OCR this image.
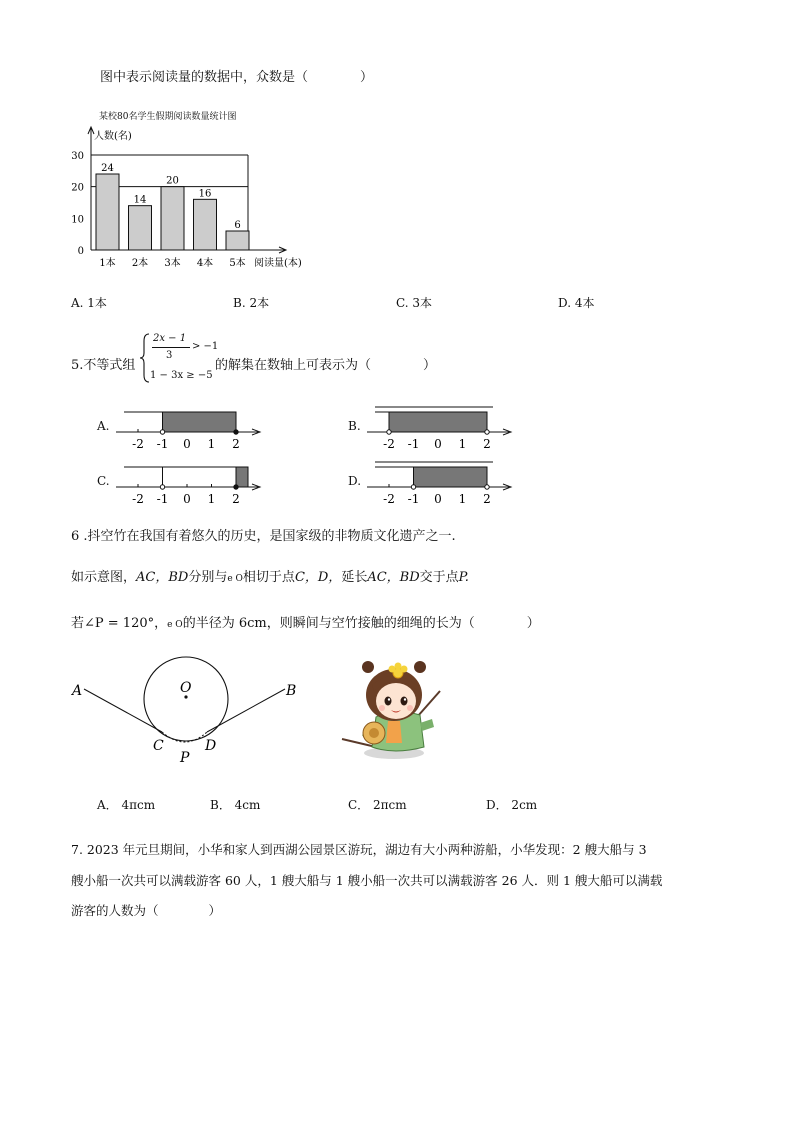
图中表示阅读量的数据中，众数是（　　　　）
某校80名学生假期阅读数量统计图
人数(名)
0
10
20
30
24
1本
14
2本
20
3本
16
4本
6
5本 阅读量(本)
A. 1本	B. 2本	C. 3本	D. 4本
5.不等式组
2x − 1
3
> −1
1 − 3x ≥ −5
的解集在数轴上可表示为（　　　　）
A.	B.
C.	D.
-2 -1 0 1 2	-2 -1 0 1 2
-2 -1 0 1 2	-2 -1 0 1 2
6 .抖空竹在我国有着悠久的历史，是国家级的非物质文化遗产之一.
如示意图，AC，BD分别与e O相切于点C，D，延长AC，BD交于点P.
若∠P = 120°，e O的半径为 6cm，则瞬间与空竹接触的细绳的长为（　　　　）
A	B
O
C	D
P
A． 4πcm	B． 4cm	C． 2πcm	D． 2cm
7. 2023 年元旦期间，小华和家人到西湖公园景区游玩，湖边有大小两种游船，小华发现：2 艘大船与 3
艘小船一次共可以满载游客 60 人，1 艘大船与 1 艘小船一次共可以满载游客 26 人．则 1 艘大船可以满载
游客的人数为（　　　　）
